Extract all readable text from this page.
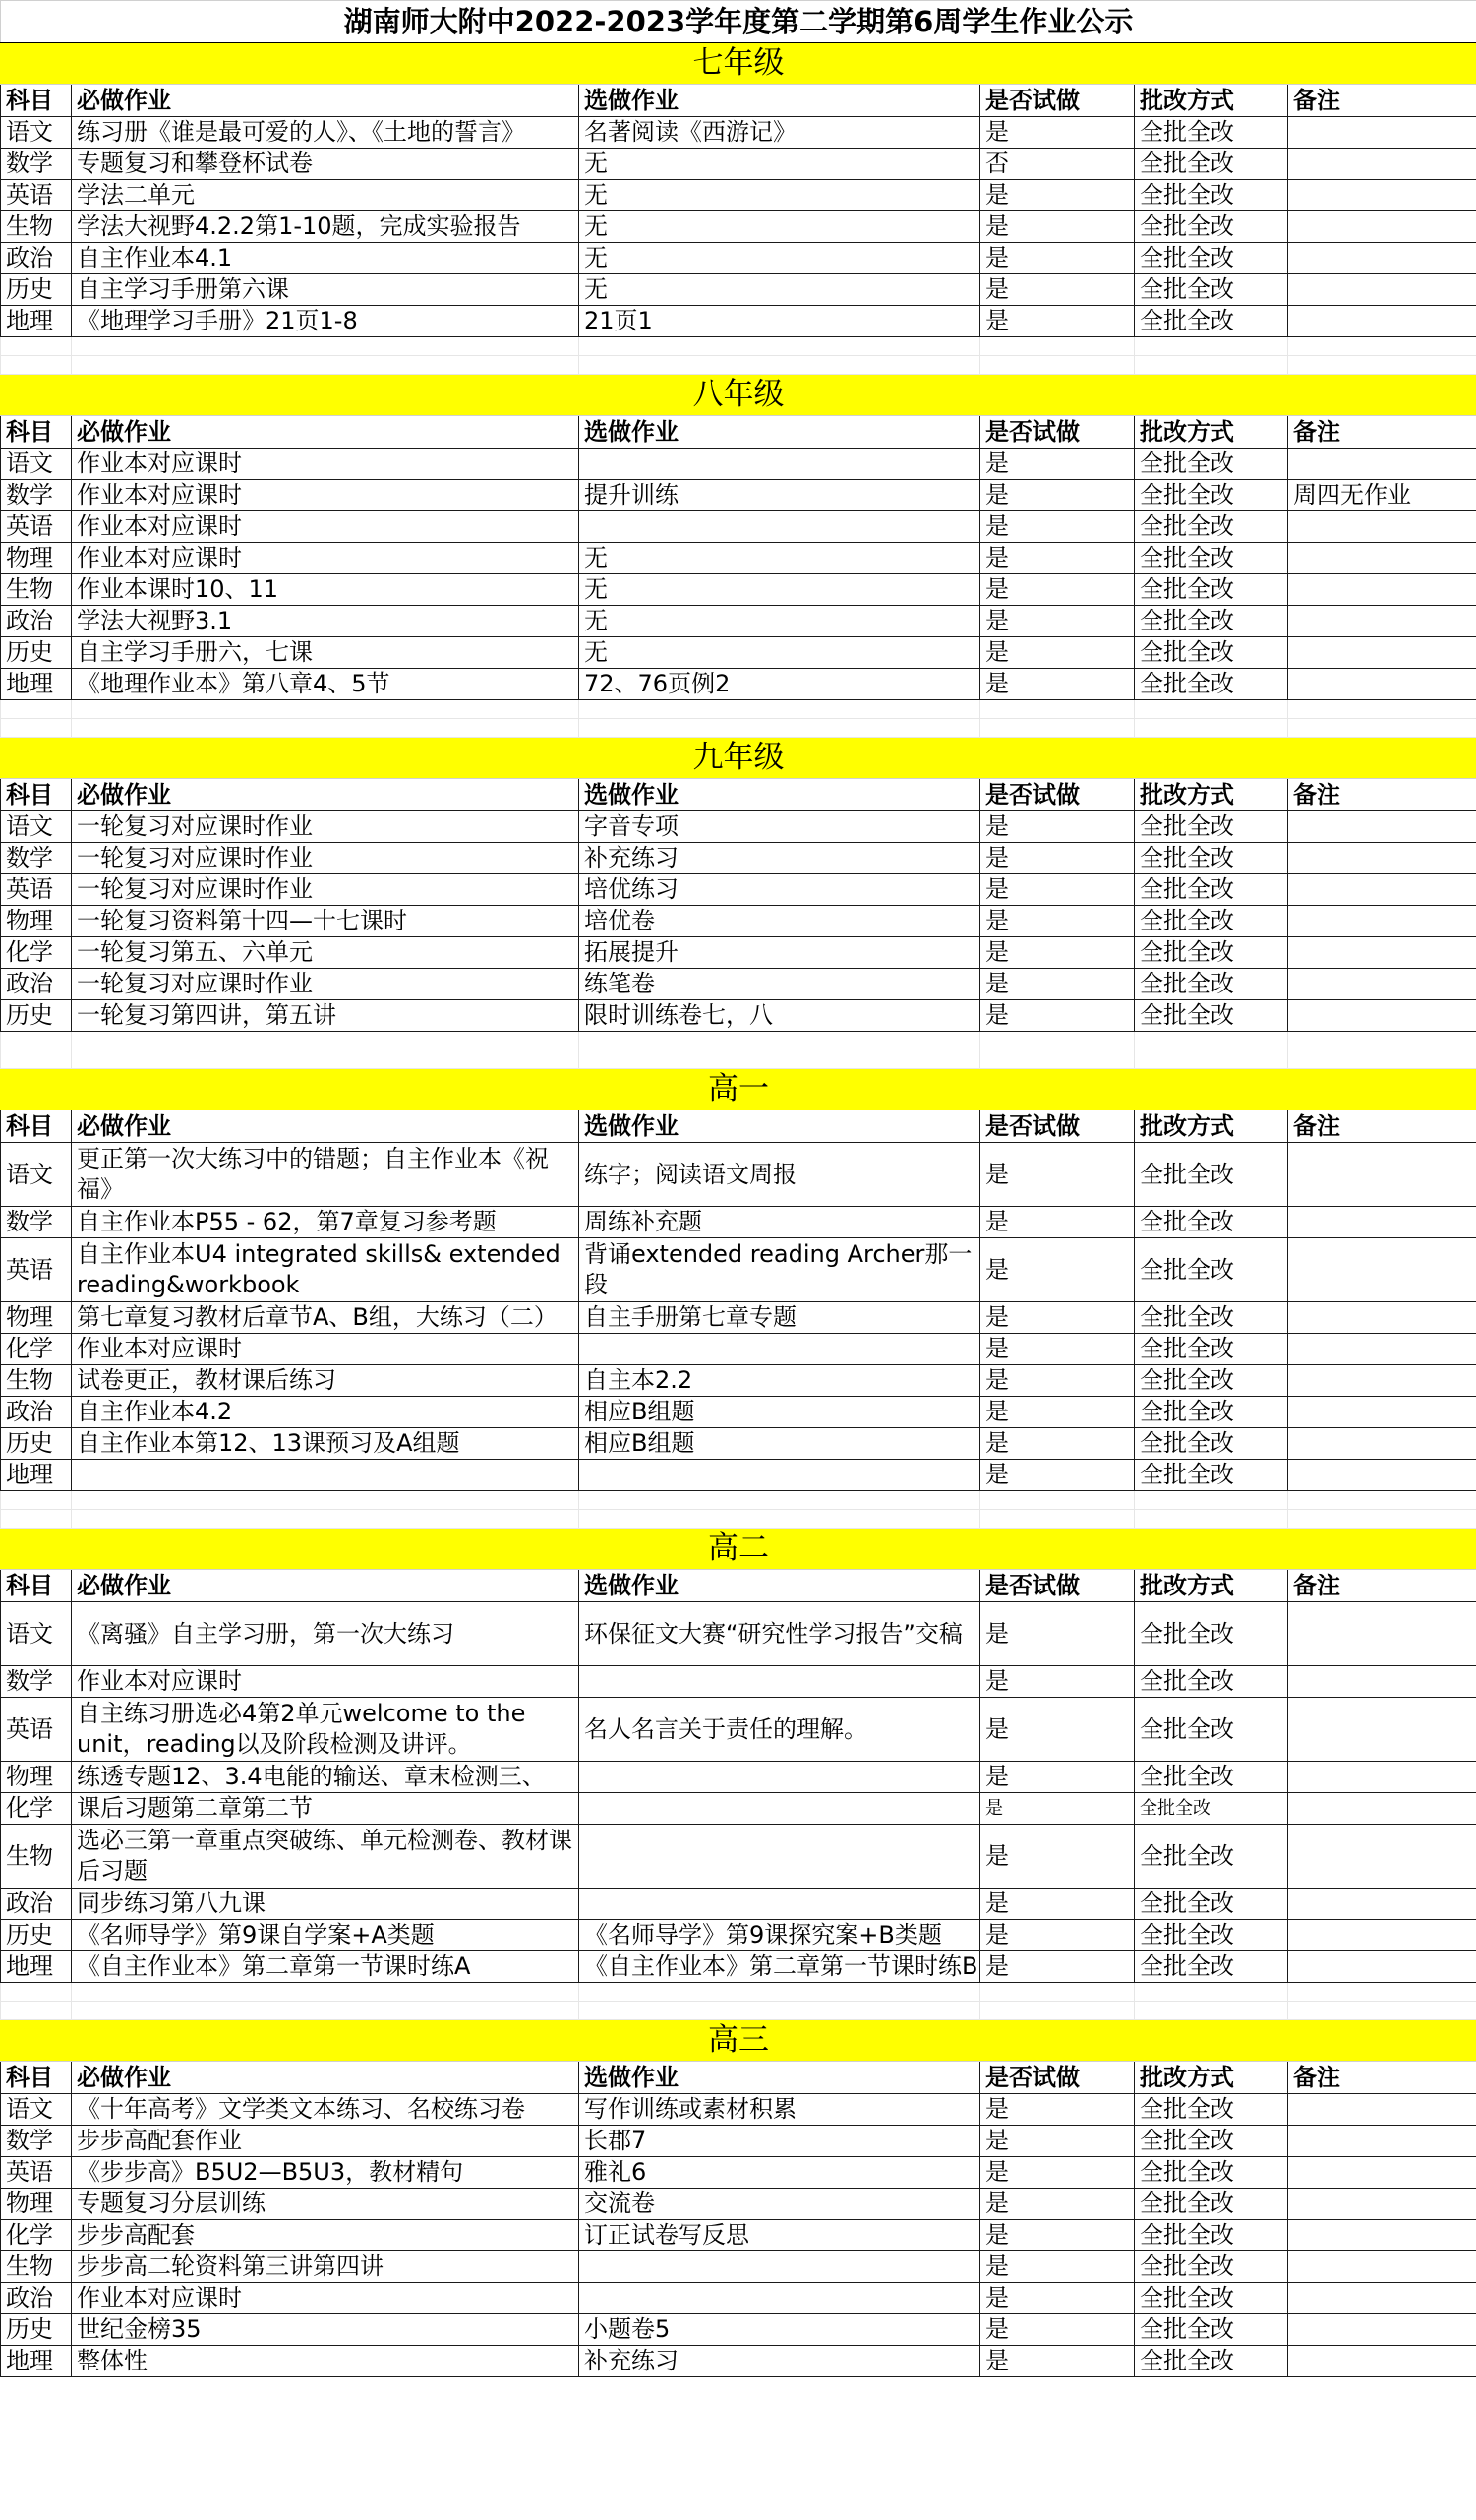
湖南师大附中2022-2023学年度第二学期第6周学生作业公示					
七年级					
科目	必做作业	选做作业	是否试做	批改方式	备注
语文	练习册《谁是最可爱的人》、《土地的誓言》	名著阅读《西游记》	是	全批全改	
数学	专题复习和攀登杯试卷	无	否	全批全改	
英语	学法二单元	无	是	全批全改	
生物	学法大视野4.2.2第1-10题，完成实验报告	无	是	全批全改	
政治	自主作业本4.1	无	是	全批全改	
历史	自主学习手册第六课	无	是	全批全改	
地理	《地理学习手册》21页1-8	21页1	是	全批全改	

八年级					
科目	必做作业	选做作业	是否试做	批改方式	备注
语文	作业本对应课时		是	全批全改	
数学	作业本对应课时	提升训练	是	全批全改	周四无作业
英语	作业本对应课时		是	全批全改	
物理	作业本对应课时	无	是	全批全改	
生物	作业本课时10、11	无	是	全批全改	
政治	学法大视野3.1	无	是	全批全改	
历史	自主学习手册六，七课	无	是	全批全改	
地理	《地理作业本》第八章4、5节	72、76页例2	是	全批全改	

九年级					
科目	必做作业	选做作业	是否试做	批改方式	备注
语文	一轮复习对应课时作业	字音专项	是	全批全改	
数学	一轮复习对应课时作业	补充练习	是	全批全改	
英语	一轮复习对应课时作业	培优练习	是	全批全改	
物理	一轮复习资料第十四—十七课时	培优卷	是	全批全改	
化学	一轮复习第五、六单元	拓展提升	是	全批全改	
政治	一轮复习对应课时作业	练笔卷	是	全批全改	
历史	一轮复习第四讲，第五讲	限时训练卷七，八	是	全批全改	

高一					
科目	必做作业	选做作业	是否试做	批改方式	备注
语文	更正第一次大练习中的错题；自主作业本《祝福》	练字；阅读语文周报	是	全批全改	
数学	自主作业本P55 - 62，第7章复习参考题	周练补充题	是	全批全改	
英语	自主作业本U4 integrated skills& extended reading&workbook	背诵extended reading Archer那一段	是	全批全改	
物理	第七章复习教材后章节A、B组，大练习（二）	自主手册第七章专题	是	全批全改	
化学	作业本对应课时		是	全批全改	
生物	试卷更正，教材课后练习	自主本2.2	是	全批全改	
政治	自主作业本4.2	相应B组题	是	全批全改	
历史	自主作业本第12、13课预习及A组题	相应B组题	是	全批全改	
地理			是	全批全改	

高二					
科目	必做作业	选做作业	是否试做	批改方式	备注
语文	《离骚》自主学习册，第一次大练习	环保征文大赛“研究性学习报告”交稿	是	全批全改	
数学	作业本对应课时		是	全批全改	
英语	自主练习册选必4第2单元welcome to the unit，reading以及阶段检测及讲评。	名人名言关于责任的理解。	是	全批全改	
物理	练透专题12、3.4电能的输送、章末检测三、		是	全批全改	
化学	课后习题第二章第二节		是	全批全改	
生物	选必三第一章重点突破练、单元检测卷、教材课后习题		是	全批全改	
政治	同步练习第八九课		是	全批全改	
历史	《名师导学》第9课自学案+A类题	《名师导学》第9课探究案+B类题	是	全批全改	
地理	《自主作业本》第二章第一节课时练A	《自主作业本》第二章第一节课时练B	是	全批全改	

高三					
科目	必做作业	选做作业	是否试做	批改方式	备注
语文	《十年高考》文学类文本练习、名校练习卷	写作训练或素材积累	是	全批全改	
数学	步步高配套作业	长郡7	是	全批全改	
英语	《步步高》B5U2—B5U3，教材精句	雅礼6	是	全批全改	
物理	专题复习分层训练	交流卷	是	全批全改	
化学	步步高配套	订正试卷写反思	是	全批全改	
生物	步步高二轮资料第三讲第四讲		是	全批全改	
政治	作业本对应课时		是	全批全改	
历史	世纪金榜35	小题卷5	是	全批全改	
地理	整体性	补充练习	是	全批全改	
